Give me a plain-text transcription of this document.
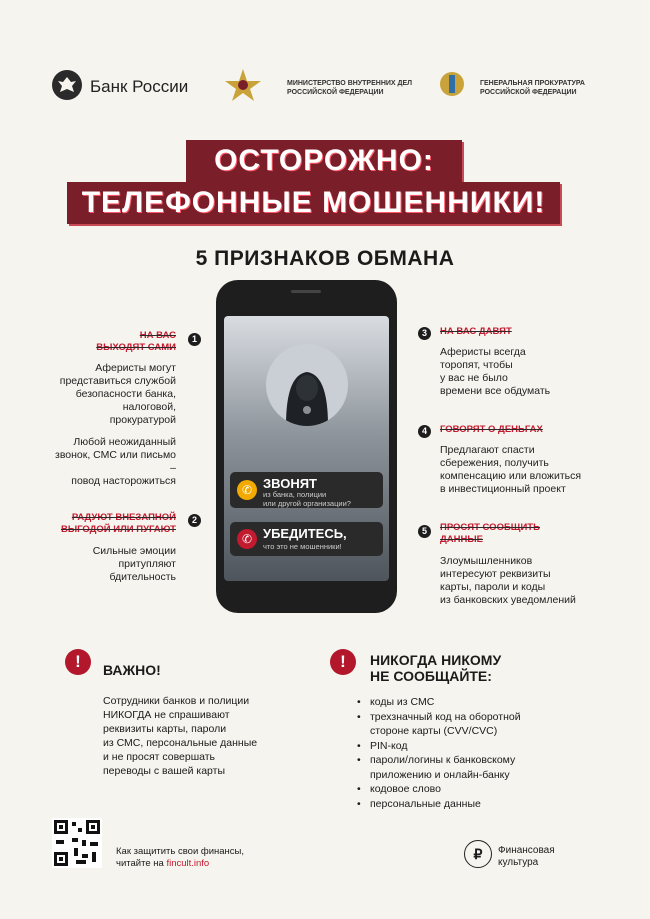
Банк России	МИНИСТЕРСТВО ВНУТРЕННИХ ДЕЛ
РОССИЙСКОЙ ФЕДЕРАЦИИ
ГЕНЕРАЛЬНАЯ ПРОКУРАТУРА
РОССИЙСКОЙ ФЕДЕРАЦИИ
ОСТОРОЖНО:
ТЕЛЕФОННЫЕ МОШЕННИКИ!
5 ПРИЗНАКОВ ОБМАНА
✆ ЗВОНЯТ
из банка, полиции
или другой организации?
✆ УБЕДИТЕСЬ,
что это не мошенники!
1
2
3
4
5
НА ВАС
ВЫХОДЯТ САМИ
Аферисты могут
представиться службой
безопасности банка,
налоговой,
прокуратурой
Любой неожиданный
звонок, СМС или письмо –
повод насторожиться
РАДУЮТ ВНЕЗАПНОЙ
ВЫГОДОЙ ИЛИ ПУГАЮТ
Сильные эмоции
притупляют
бдительность
НА ВАС ДАВЯТ
Аферисты всегда
торопят, чтобы
у вас не было
времени все обдумать
ГОВОРЯТ О ДЕНЬГАХ
Предлагают спасти
сбережения, получить
компенсацию или вложиться
в инвестиционный проект
ПРОСЯТ СООБЩИТЬ
ДАННЫЕ
Злоумышленников
интересуют реквизиты
карты, пароли и коды
из банковских уведомлений
!	ВАЖНО!
Сотрудники банков и полиции
НИКОГДА не спрашивают
реквизиты карты, пароли
из СМС, персональные данные
и не просят совершать
переводы с вашей карты
!	НИКОГДА НИКОМУ
НЕ СООБЩАЙТЕ:
• коды из СМС
• трехзначный код на оборотной стороне карты (CVV/CVC)
• PIN-код
• пароли/логины к банковскому приложению и онлайн-банку
• кодовое слово
• персональные данные
Как защитить свои финансы,
читайте на fincult.info
₽	Финансовая
культура
